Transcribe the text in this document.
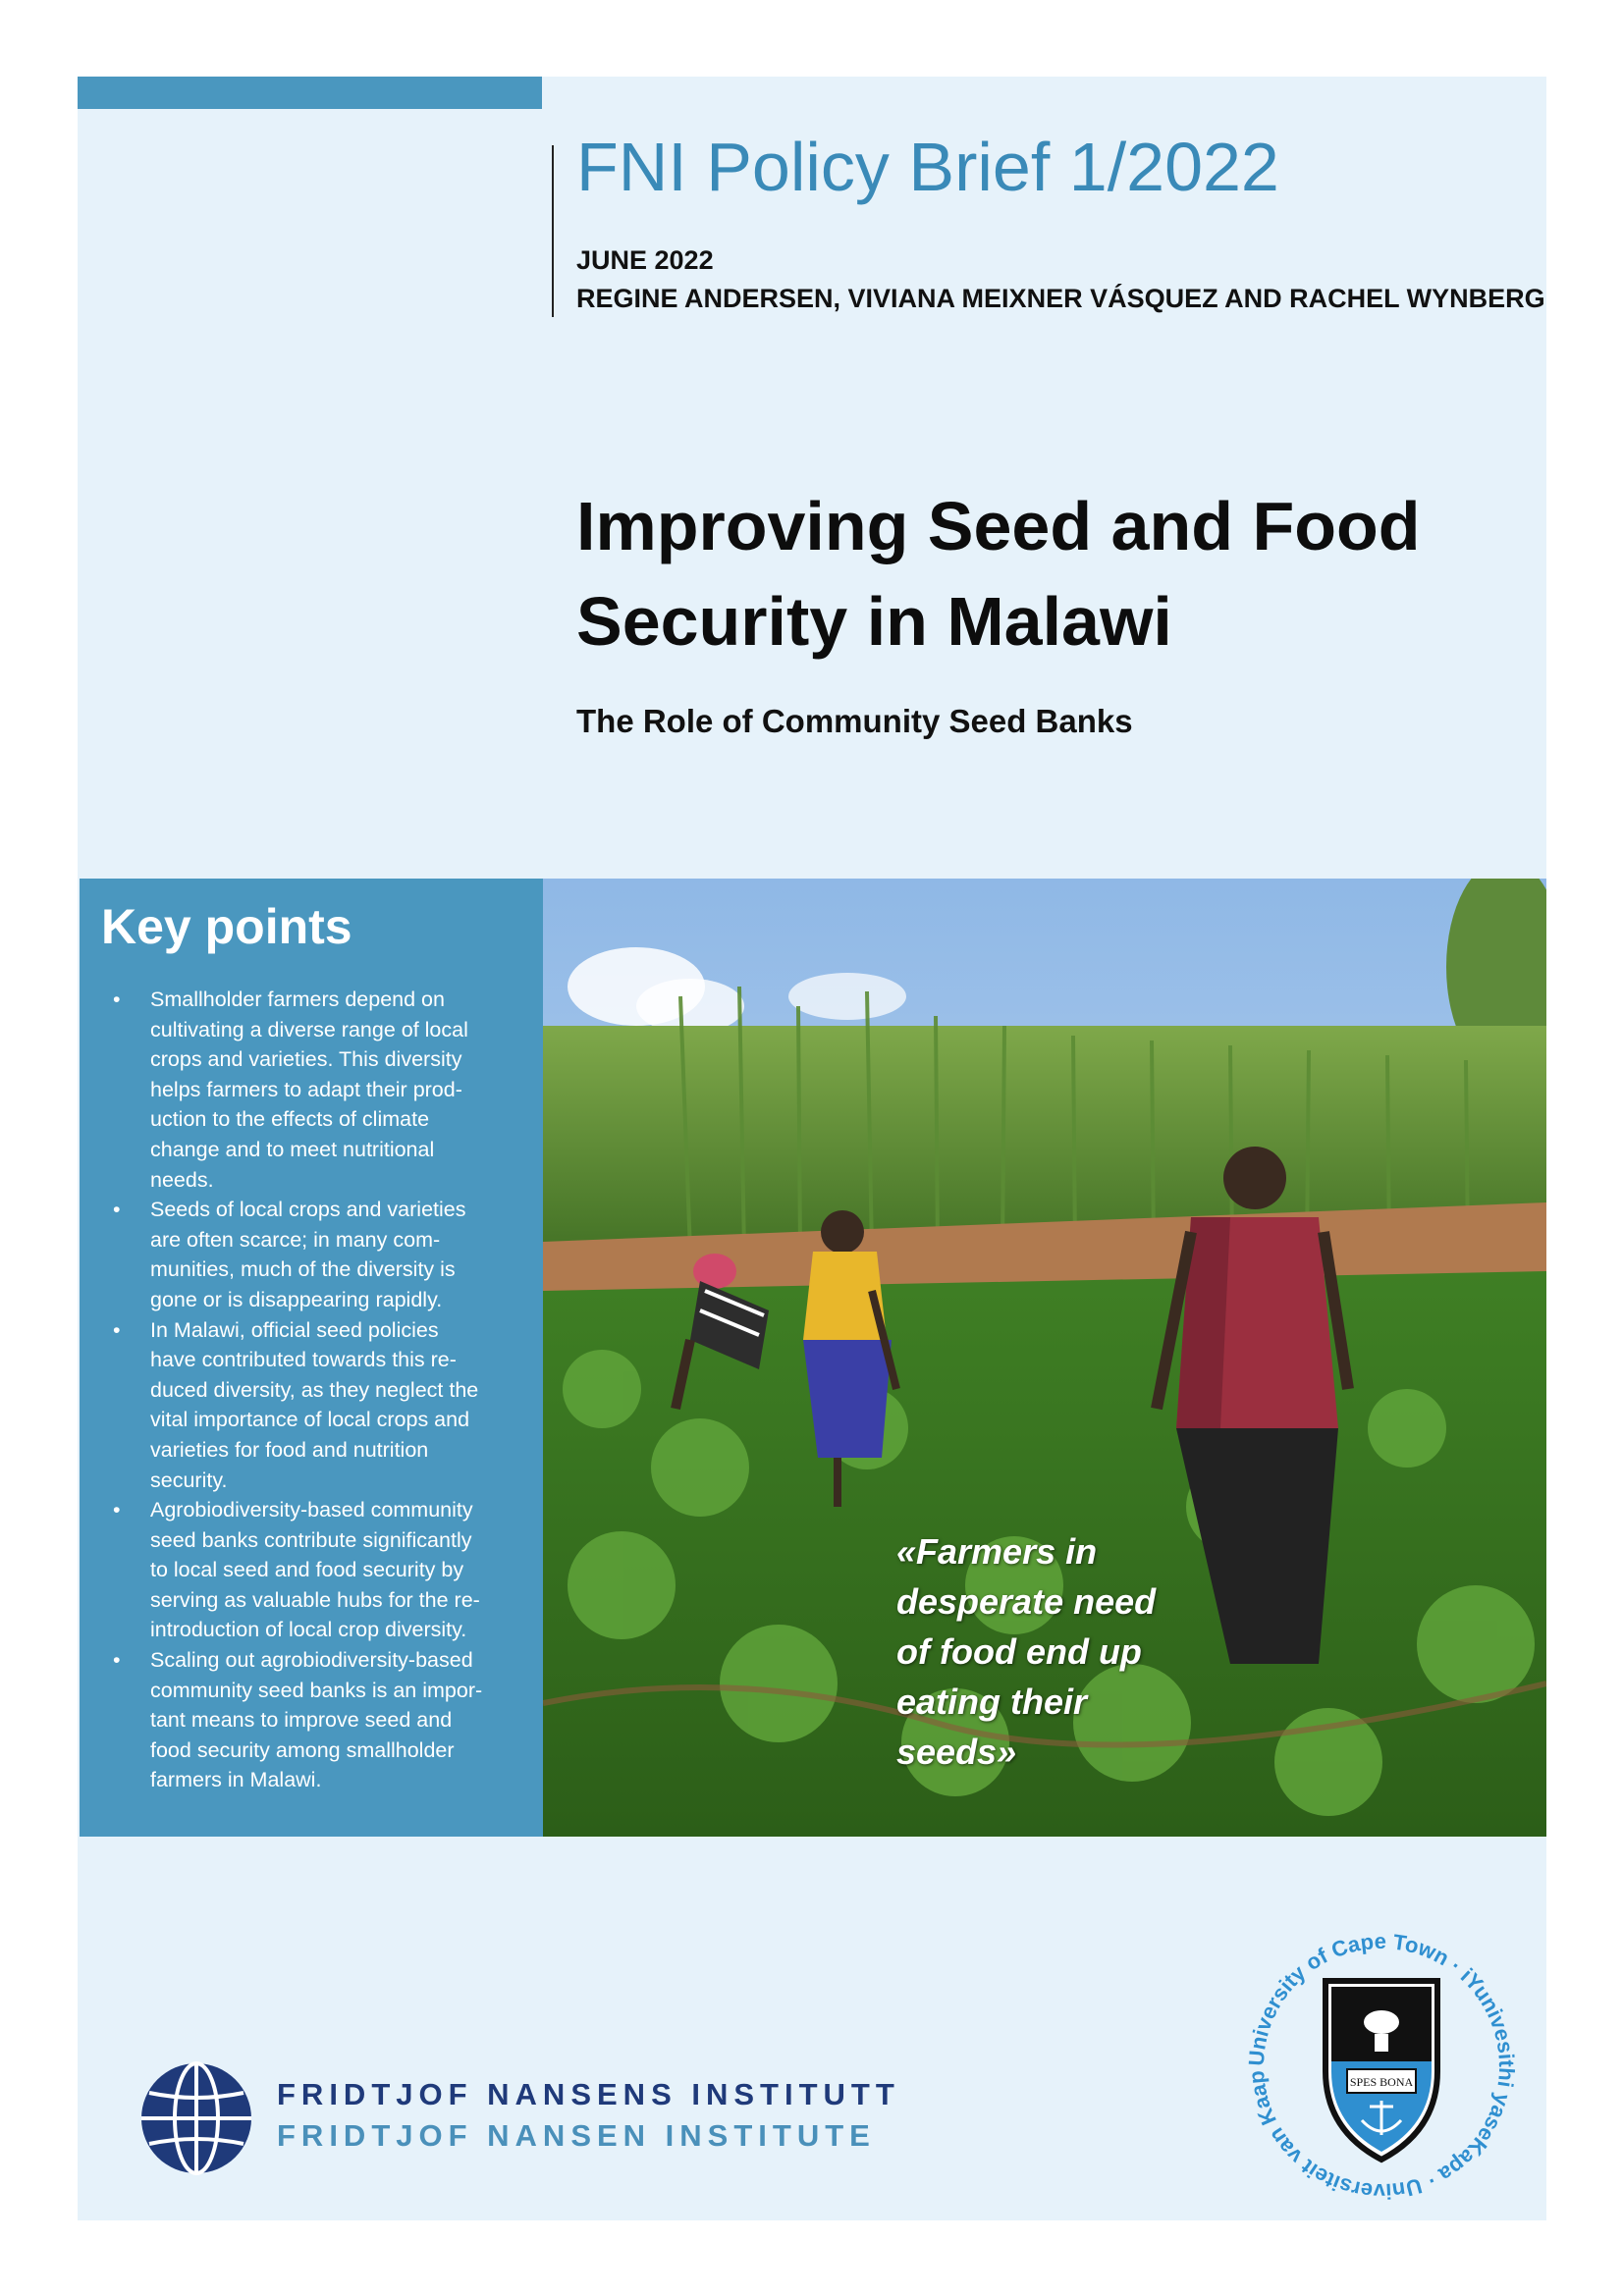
FNI Policy Brief 1/2022
JUNE 2022
REGINE ANDERSEN, VIVIANA MEIXNER VÁSQUEZ AND RACHEL WYNBERG
Improving Seed and Food
Security in Malawi
The Role of Community Seed Banks
Key points
• Smallholder farmers depend on
cultivating a diverse range of local
crops and varieties. This diversity
helps farmers to adapt their prod-
uction to the effects of climate
change and to meet nutritional
needs.
• Seeds of local crops and varieties
are often scarce; in many com-
munities, much of the diversity is
gone or is disappearing rapidly.
• In Malawi, official seed policies
have contributed towards this re-
duced diversity, as they neglect the
vital importance of local crops and
varieties for food and nutrition
security.
• Agrobiodiversity-based community
seed banks contribute significantly
to local seed and food security by
serving as valuable hubs for the re-
introduction of local crop diversity.
• Scaling out agrobiodiversity-based
community seed banks is an impor-
tant means to improve seed and
food security among smallholder
farmers in Malawi.
«Farmers in
desperate need
of food end up
eating their
seeds»
FRIDTJOF NANSENS INSTITUTT
FRIDTJOF NANSEN INSTITUTE
University of Cape Town · iYunivesithi yaseKapa · Universiteit van Kaap	SPES BONA
